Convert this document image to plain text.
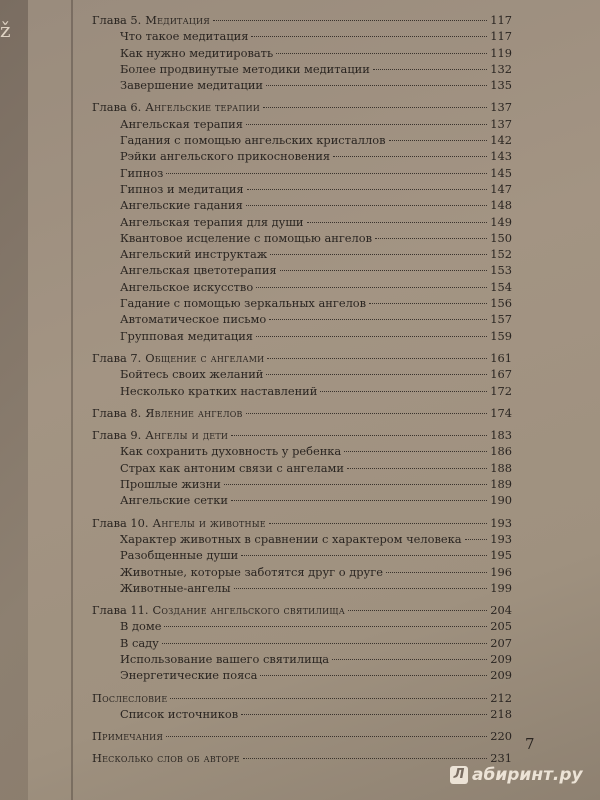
ž	Глава 5. Медитация	117
Что такое медитация	117
Как нужно медитировать	119
Более продвинутые методики медитации	132
Завершение медитации	135
Глава 6. Ангельские терапии	137
Ангельская терапия	137
Гадания с помощью ангельских кристаллов	142
Рэйки ангельского прикосновения	143
Гипноз	145
Гипноз и медитация	147
Ангельские гадания	148
Ангельская терапия для души	149
Квантовое исцеление с помощью ангелов	150
Ангельский инструктаж	152
Ангельская цветотерапия	153
Ангельское искусство	154
Гадание с помощью зеркальных ангелов	156
Автоматическое письмо	157
Групповая медитация	159
Глава 7. Общение с ангелами	161
Бойтесь своих желаний	167
Несколько кратких наставлений	172
Глава 8. Явление ангелов	174
Глава 9. Ангелы и дети	183
Как сохранить духовность у ребенка	186
Страх как антоним связи с ангелами	188
Прошлые жизни	189
Ангельские сетки	190
Глава 10. Ангелы и животные	193
Характер животных в сравнении с характером человека	193
Разобщенные души	195
Животные, которые заботятся друг о друге	196
Животные-ангелы	199
Глава 11. Создание ангельского святилища	204
В доме	205
В саду	207
Использование вашего святилища	209
Энергетические пояса	209
Послесловие	212
Список источников	218
Примечания	220
Несколько слов об авторе	231
7
Л абиринт.ру
